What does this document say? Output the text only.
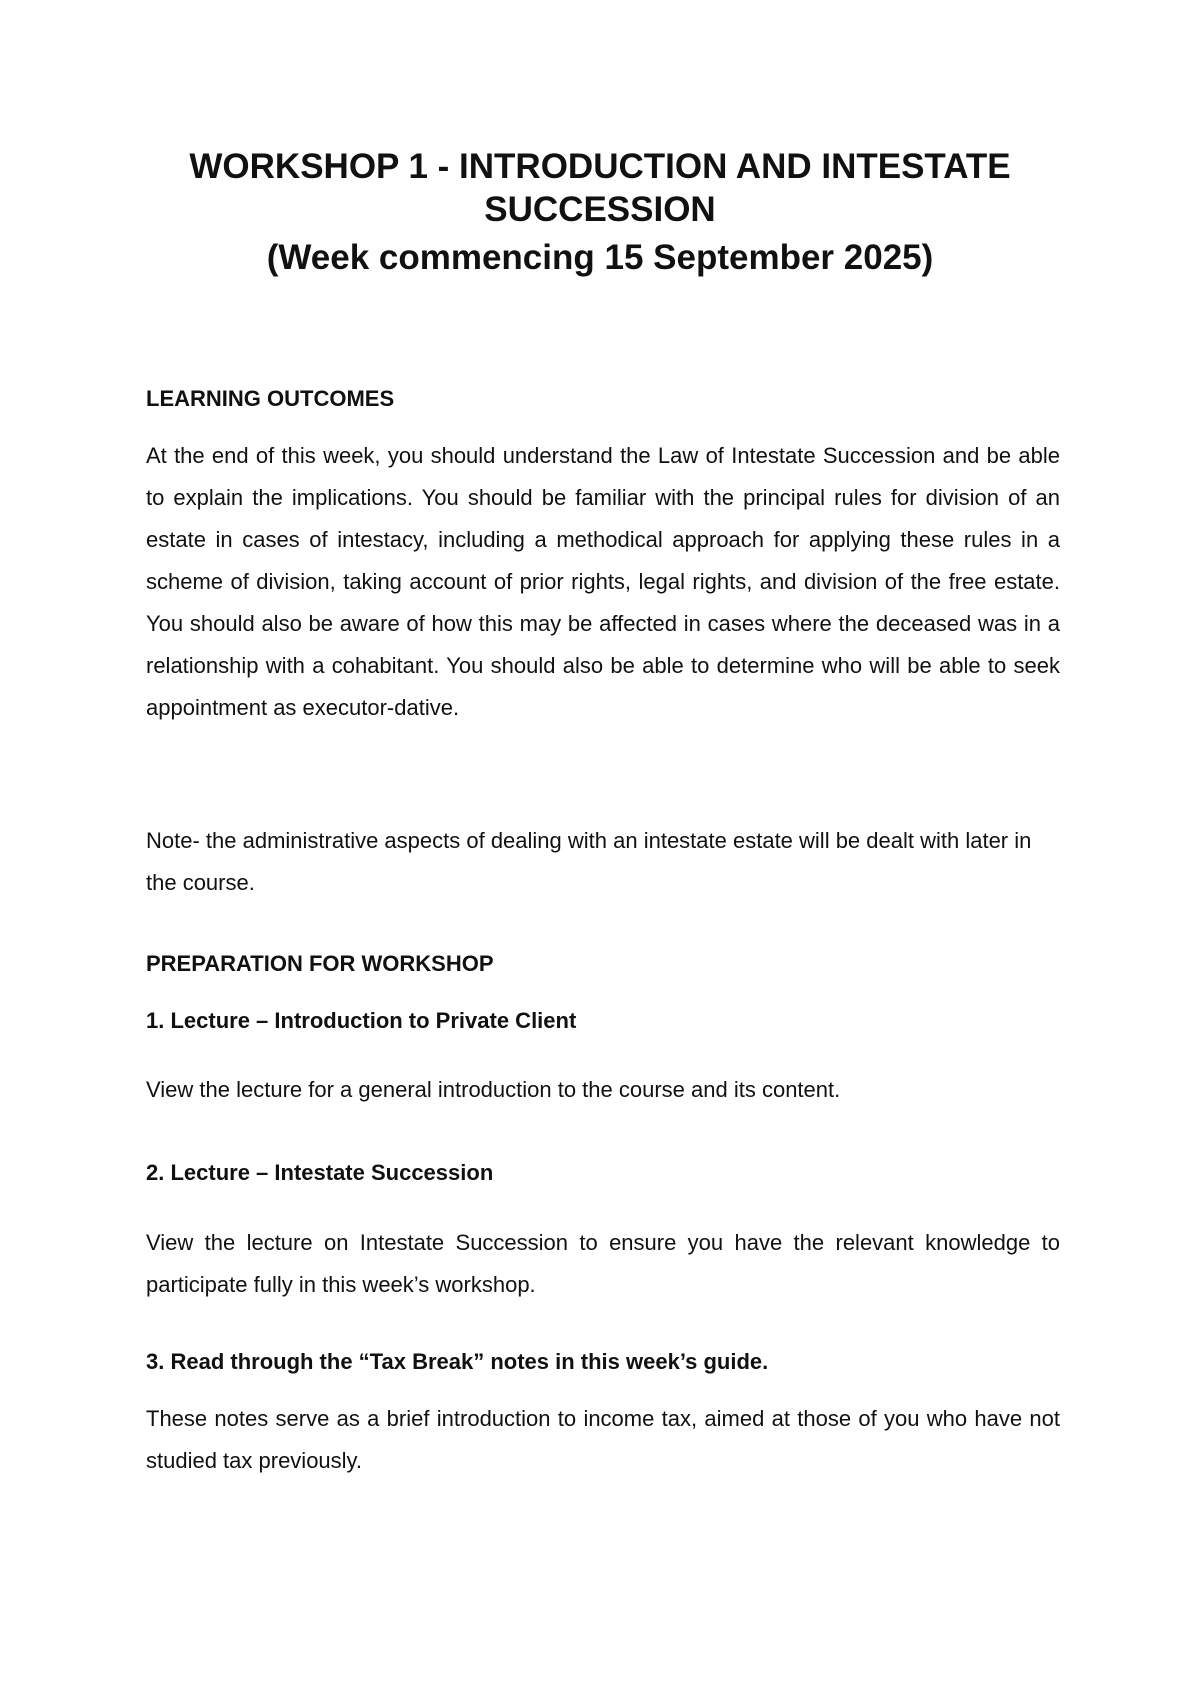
WORKSHOP 1 - INTRODUCTION AND INTESTATE
SUCCESSION
(Week commencing 15 September 2025)
LEARNING OUTCOMES

At the end of this week, you should understand the Law of Intestate Succession and be able to explain the implications. You should be familiar with the principal rules for division of an estate in cases of intestacy, including a methodical approach for applying these rules in a scheme of division, taking account of prior rights, legal rights, and division of the free estate. You should also be aware of how this may be affected in cases where the deceased was in a relationship with a cohabitant. You should also be able to determine who will be able to seek appointment as executor-dative.

Note- the administrative aspects of dealing with an intestate estate will be dealt with later in the course.

PREPARATION FOR WORKSHOP
1. Lecture – Introduction to Private Client

View the lecture for a general introduction to the course and its content.

2. Lecture – Intestate Succession

View the lecture on Intestate Succession to ensure you have the relevant knowledge to participate fully in this week’s workshop.

3. Read through the “Tax Break” notes in this week’s guide.

These notes serve as a brief introduction to income tax, aimed at those of you who have not studied tax previously.
